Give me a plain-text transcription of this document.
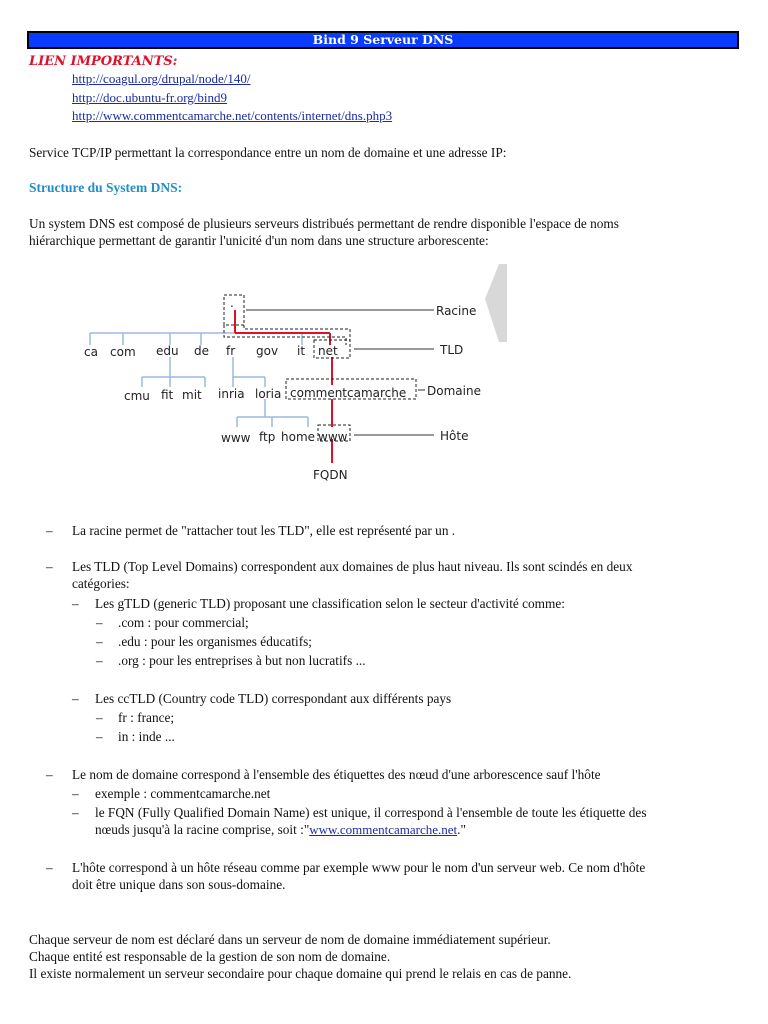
Bind 9 Serveur DNS
LIEN IMPORTANTS:
http://coagul.org/drupal/node/140/
http://doc.ubuntu-fr.org/bind9
http://www.commentcamarche.net/contents/internet/dns.php3
Service TCP/IP permettant la correspondance entre un nom de domaine et une adresse IP:
Structure du System DNS:
Un system DNS est composé de plusieurs serveurs distribués permettant de rendre disponible l'espace de noms
hiérarchique permettant de garantir l'unicité d'un nom dans une structure arborescente:
.
ca com edu de fr gov it net
cmu fit mit inria loria commentcamarche
www ftp home www
Racine
TLD
Domaine
Hôte
FQDN
– La racine permet de "rattacher tout les TLD", elle est représenté par un .
– Les TLD (Top Level Domains) correspondent aux domaines de plus haut niveau. Ils sont scindés en deux
catégories:
– Les gTLD (generic TLD) proposant une classification selon le secteur d'activité comme:
– .com : pour commercial;
– .edu : pour les organismes éducatifs;
– .org : pour les entreprises à but non lucratifs ...
– Les ccTLD (Country code TLD) correspondant aux différents pays
– fr : france;
– in : inde ...
– Le nom de domaine correspond à l'ensemble des étiquettes des nœud d'une arborescence sauf l'hôte
– exemple : commentcamarche.net
– le FQN (Fully Qualified Domain Name) est unique, il correspond à l'ensemble de toute les étiquette des
nœuds jusqu'à la racine comprise, soit :"www.commentcamarche.net."
– L'hôte correspond à un hôte réseau comme par exemple www pour le nom d'un serveur web. Ce nom d'hôte
doit être unique dans son sous-domaine.
Chaque serveur de nom est déclaré dans un serveur de nom de domaine immédiatement supérieur.
Chaque entité est responsable de la gestion de son nom de domaine.
Il existe normalement un serveur secondaire pour chaque domaine qui prend le relais en cas de panne.
